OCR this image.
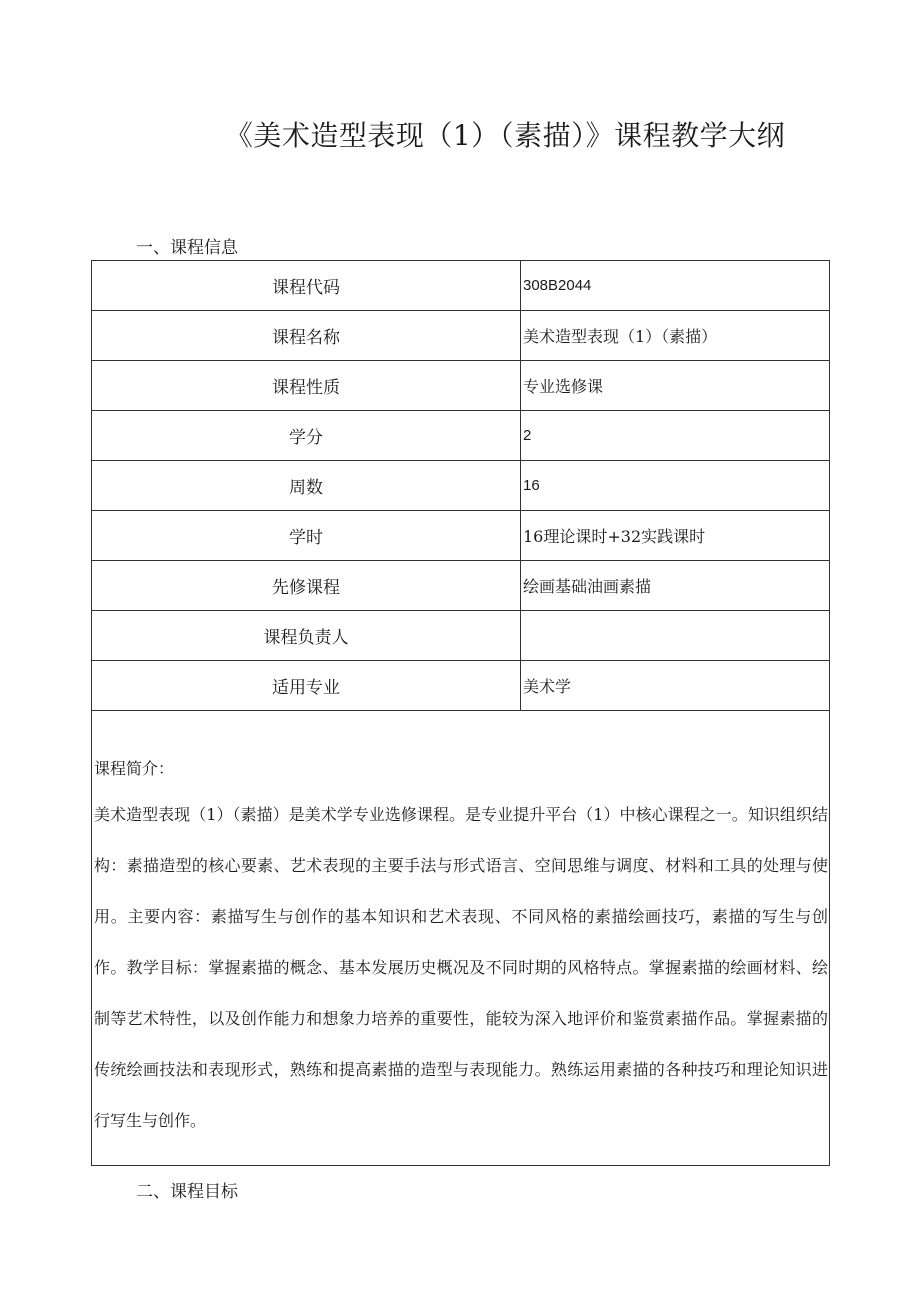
《美术造型表现（1）（素描）》课程教学大纲
一、课程信息
课程代码	308B2044
课程名称	美术造型表现（1）（素描）
课程性质	专业选修课
学分	2
周数	16
学时	16理论课时+32实践课时
先修课程	绘画基础油画素描
课程负责人	
适用专业	美术学

课程简介：
美术造型表现（1）（素描）是美术学专业选修课程。是专业提升平台（1）中核心课程之一。知识组织结构：素描造型的核心要素、艺术表现的主要手法与形式语言、空间思维与调度、材料和工具的处理与使用。主要内容：素描写生与创作的基本知识和艺术表现、不同风格的素描绘画技巧，素描的写生与创作。教学目标：掌握素描的概念、基本发展历史概况及不同时期的风格特点。掌握素描的绘画材料、绘制等艺术特性，以及创作能力和想象力培养的重要性，能较为深入地评价和鉴赏素描作品。掌握素描的传统绘画技法和表现形式，熟练和提高素描的造型与表现能力。熟练运用素描的各种技巧和理论知识进行写生与创作。	
二、课程目标
